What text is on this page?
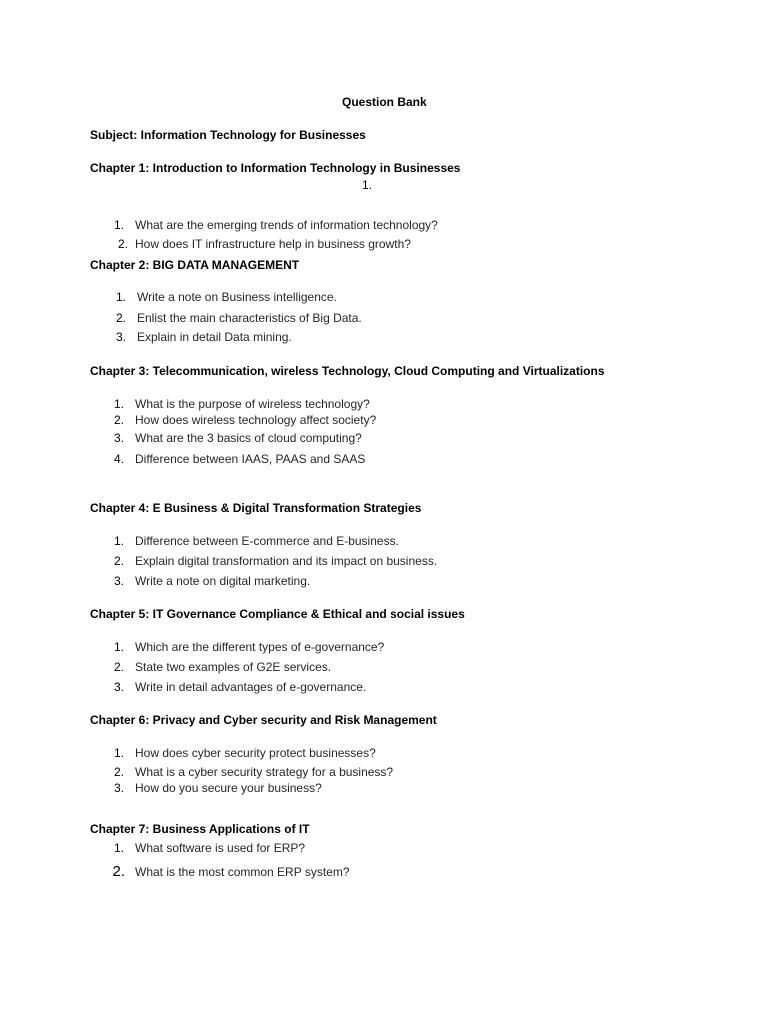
Question Bank
Subject: Information Technology for Businesses
Chapter 1: Introduction to Information Technology in Businesses
1.
1. What are the emerging trends of information technology?
2. How does IT infrastructure help in business growth?
Chapter 2: BIG DATA MANAGEMENT
1. Write a note on Business intelligence.
2. Enlist the main characteristics of Big Data.
3. Explain in detail Data mining.
Chapter 3: Telecommunication, wireless Technology, Cloud Computing and Virtualizations
1. What is the purpose of wireless technology?
2. How does wireless technology affect society?
3. What are the 3 basics of cloud computing?
4. Difference between IAAS, PAAS and SAAS
Chapter 4: E Business & Digital Transformation Strategies
1. Difference between E-commerce and E-business.
2. Explain digital transformation and its impact on business.
3. Write a note on digital marketing.
Chapter 5: IT Governance Compliance & Ethical and social issues
1. Which are the different types of e-governance?
2. State two examples of G2E services.
3. Write in detail advantages of e-governance.
Chapter 6: Privacy and Cyber security and Risk Management
1. How does cyber security protect businesses?
2. What is a cyber security strategy for a business?
3. How do you secure your business?
Chapter 7: Business Applications of IT
1. What software is used for ERP?
2. What is the most common ERP system?
